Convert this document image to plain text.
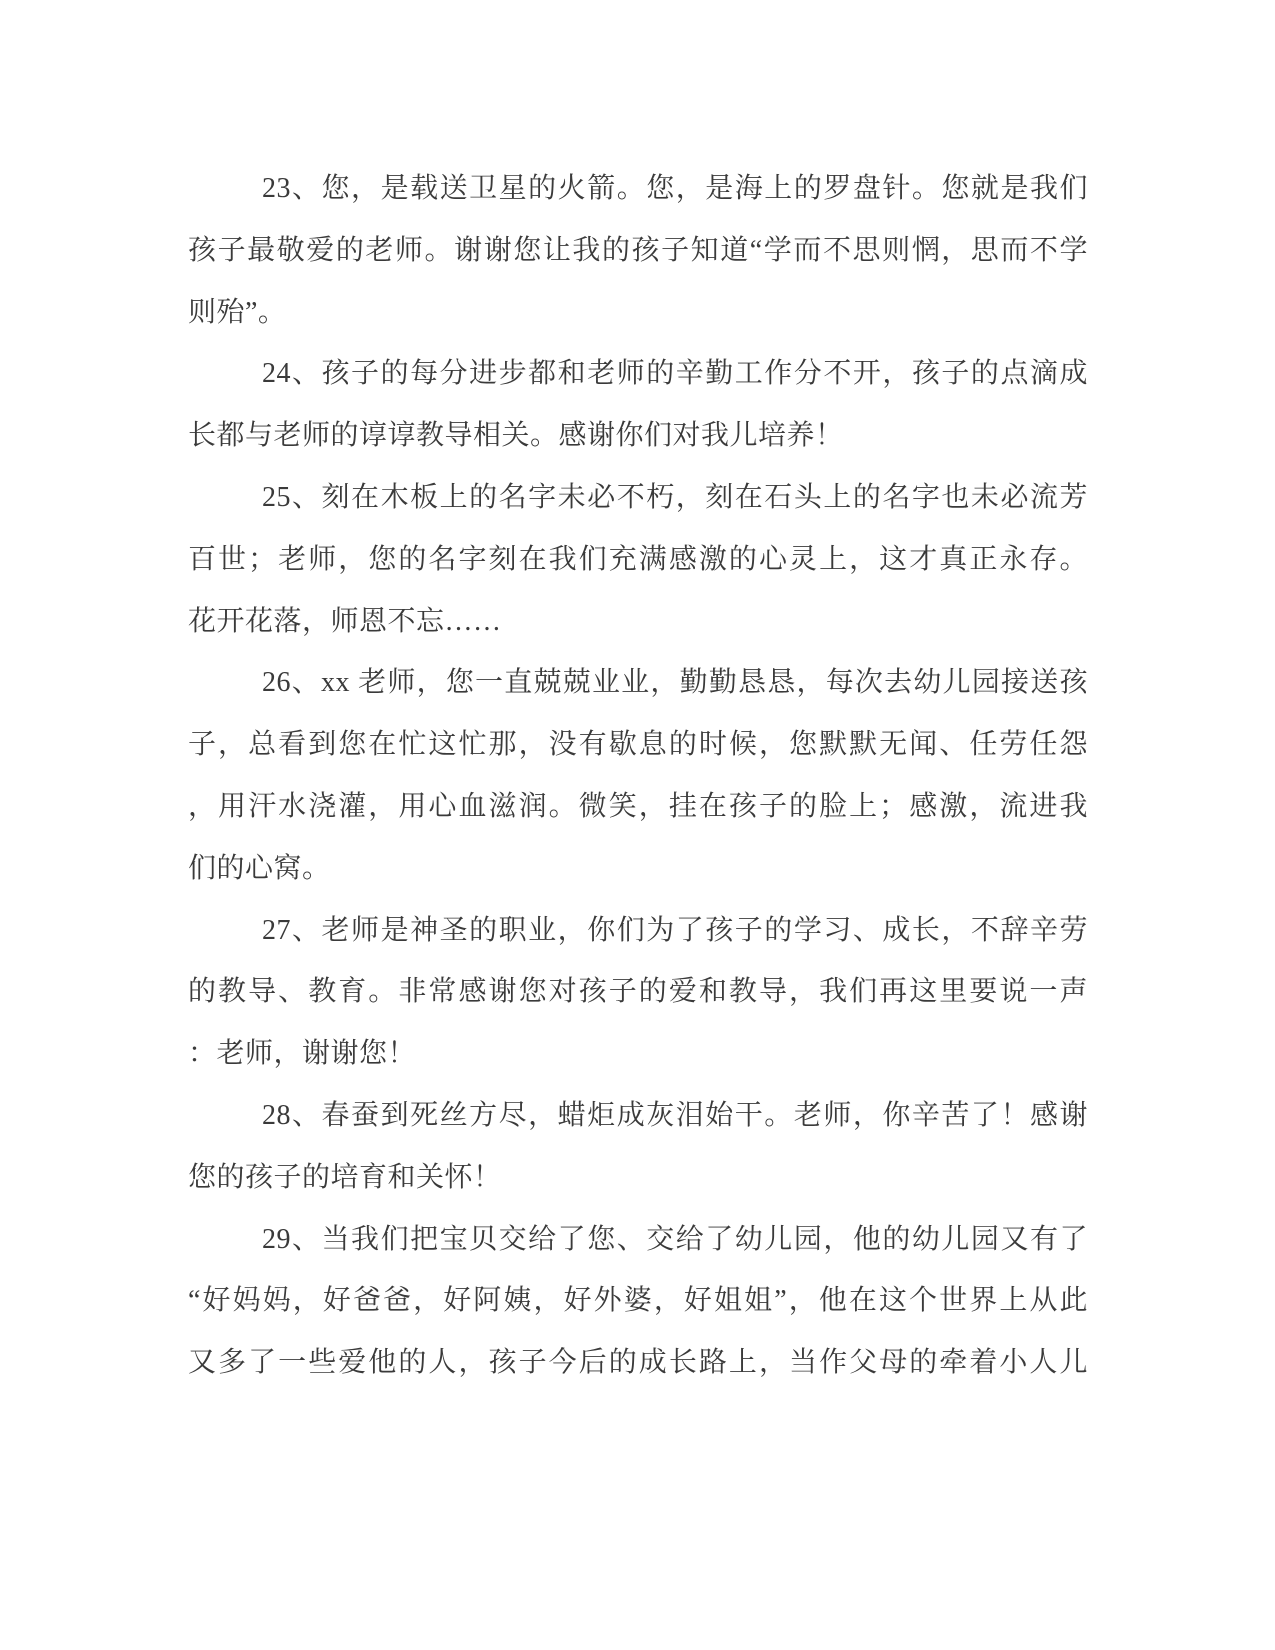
23、您，是载送卫星的火箭。您，是海上的罗盘针。您就是我们
孩子最敬爱的老师。谢谢您让我的孩子知道“学而不思则惘，思而不学
则殆”。
24、孩子的每分进步都和老师的辛勤工作分不开，孩子的点滴成
长都与老师的谆谆教导相关。感谢你们对我儿培养！
25、刻在木板上的名字未必不朽，刻在石头上的名字也未必流芳
百世；老师，您的名字刻在我们充满感激的心灵上，这才真正永存。
花开花落，师恩不忘……
26、xx 老师，您一直兢兢业业，勤勤恳恳，每次去幼儿园接送孩
子，总看到您在忙这忙那，没有歇息的时候，您默默无闻、任劳任怨
，用汗水浇灌，用心血滋润。微笑，挂在孩子的脸上；感激，流进我
们的心窝。
27、老师是神圣的职业，你们为了孩子的学习、成长，不辞辛劳
的教导、教育。非常感谢您对孩子的爱和教导，我们再这里要说一声
：老师，谢谢您！
28、春蚕到死丝方尽，蜡炬成灰泪始干。老师，你辛苦了！感谢
您的孩子的培育和关怀！
29、当我们把宝贝交给了您、交给了幼儿园，他的幼儿园又有了
“好妈妈，好爸爸，好阿姨，好外婆，好姐姐”，他在这个世界上从此
又多了一些爱他的人，孩子今后的成长路上，当作父母的牵着小人儿
